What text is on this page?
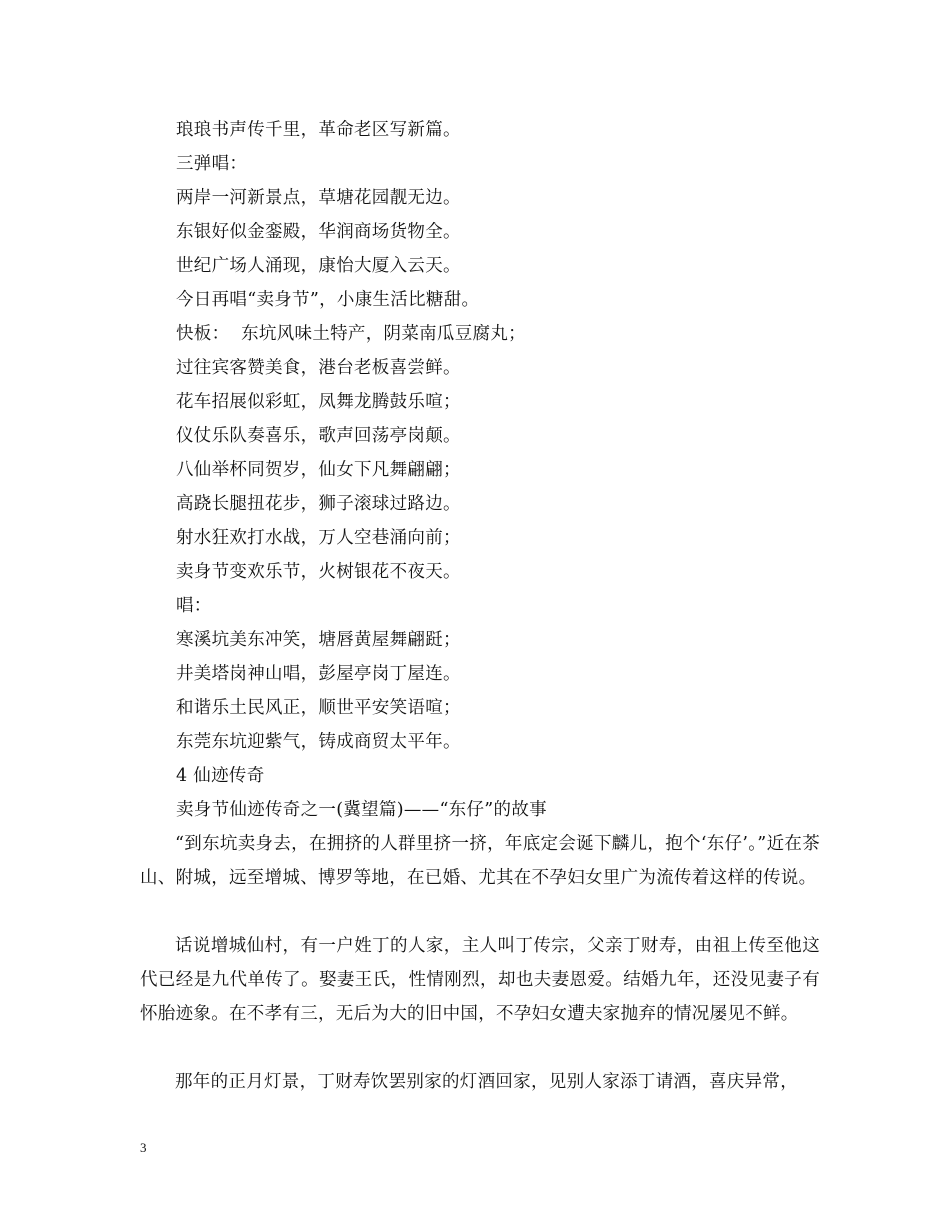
琅琅书声传千里，革命老区写新篇。
三弹唱：
两岸一河新景点，草塘花园靓无边。
东银好似金銮殿，华润商场货物全。
世纪广场人涌现，康怡大厦入云天。
今日再唱“卖身节”，小康生活比糖甜。
快板：  东坑风味土特产，阴菜南瓜豆腐丸；
过往宾客赞美食，港台老板喜尝鲜。
花车招展似彩虹，凤舞龙腾鼓乐喧；
仪仗乐队奏喜乐，歌声回荡亭岗颠。
八仙举杯同贺岁，仙女下凡舞翩翩；
高跷长腿扭花步，狮子滚球过路边。
射水狂欢打水战，万人空巷涌向前；
卖身节变欢乐节，火树银花不夜天。
唱：
寒溪坑美东冲笑，塘唇黄屋舞翩跹；
井美塔岗神山唱，彭屋亭岗丁屋连。
和谐乐土民风正，顺世平安笑语喧；
东莞东坑迎紫气，铸成商贸太平年。
4 仙迹传奇
卖身节仙迹传奇之一(冀望篇)——“东仔”的故事
“到东坑卖身去，在拥挤的人群里挤一挤，年底定会诞下麟儿，抱个‘东仔’。”近在茶山、附城，远至增城、博罗等地，在已婚、尤其在不孕妇女里广为流传着这样的传说。
话说增城仙村，有一户姓丁的人家，主人叫丁传宗，父亲丁财寿，由祖上传至他这代已经是九代单传了。娶妻王氏，性情刚烈，却也夫妻恩爱。结婚九年，还没见妻子有怀胎迹象。在不孝有三，无后为大的旧中国，不孕妇女遭夫家抛弃的情况屡见不鲜。
那年的正月灯景，丁财寿饮罢别家的灯酒回家，见别人家添丁请酒，喜庆异常，
3
